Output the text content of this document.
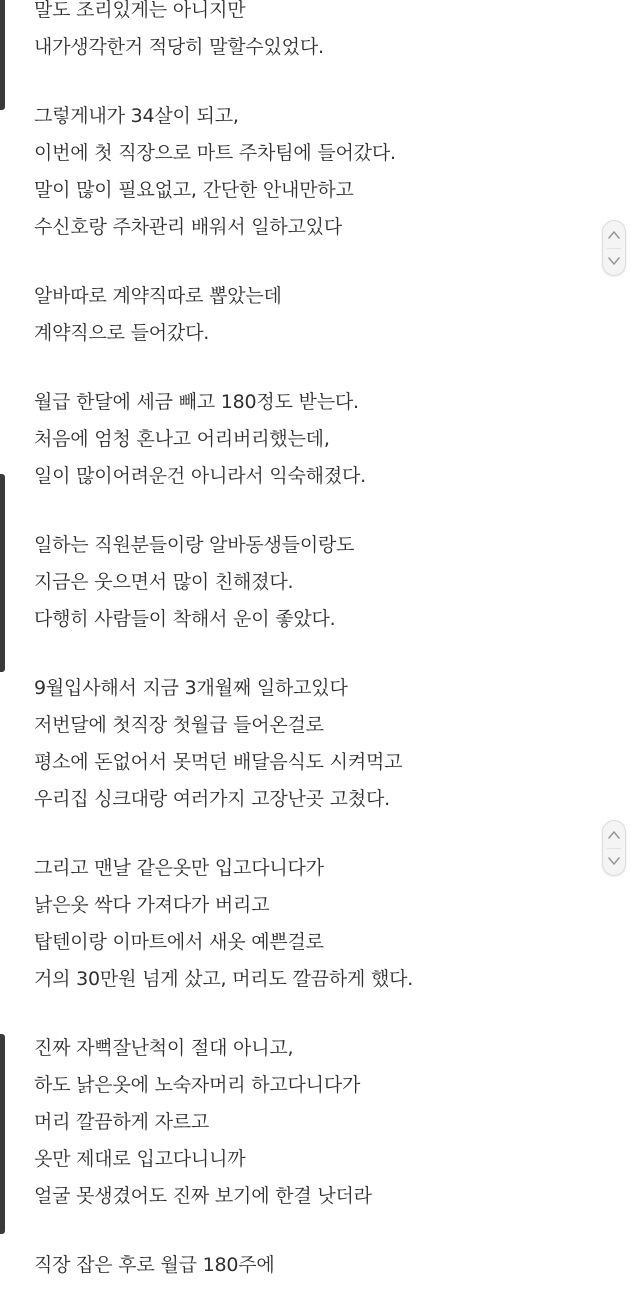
말도 조리있게는 아니지만
내가생각한거 적당히 말할수있었다.
그렇게내가 34살이 되고,
이번에 첫 직장으로 마트 주차팀에 들어갔다.
말이 많이 필요없고, 간단한 안내만하고
수신호랑 주차관리 배워서 일하고있다
알바따로 계약직따로 뽑았는데
계약직으로 들어갔다.
월급 한달에 세금 빼고 180정도 받는다.
처음에 엄청 혼나고 어리버리했는데,
일이 많이어려운건 아니라서 익숙해졌다.
일하는 직원분들이랑 알바동생들이랑도
지금은 웃으면서 많이 친해졌다.
다행히 사람들이 착해서 운이 좋았다.
9월입사해서 지금 3개월째 일하고있다
저번달에 첫직장 첫월급 들어온걸로
평소에 돈없어서 못먹던 배달음식도 시켜먹고
우리집 싱크대랑 여러가지 고장난곳 고쳤다.
그리고 맨날 같은옷만 입고다니다가
낡은옷 싹다 가져다가 버리고
탑텐이랑 이마트에서 새옷 예쁜걸로
거의 30만원 넘게 샀고, 머리도 깔끔하게 했다.
진짜 자뻑잘난척이 절대 아니고,
하도 낡은옷에 노숙자머리 하고다니다가
머리 깔끔하게 자르고
옷만 제대로 입고다니니까
얼굴 못생겼어도 진짜 보기에 한결 낫더라
직장 잡은 후로 월급 180주에
